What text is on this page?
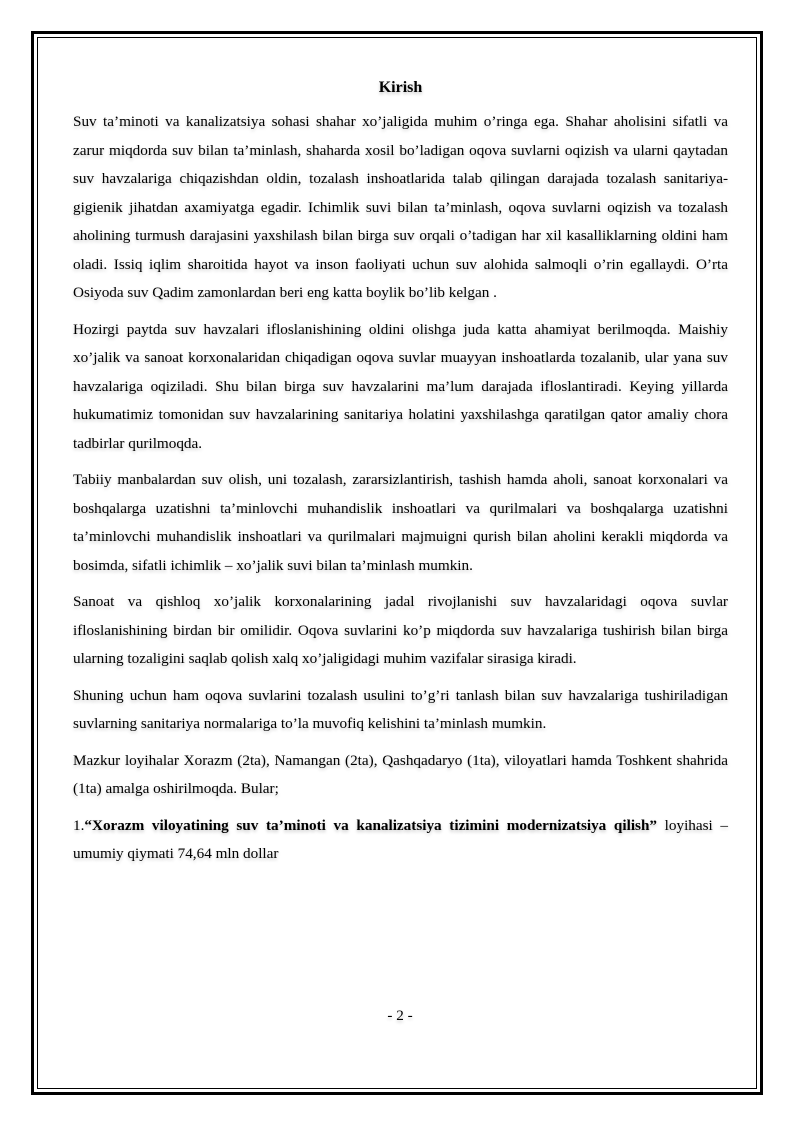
Kirish

Suv ta’minoti va kanalizatsiya sohasi shahar xo’jaligida muhim o’ringa ega. Shahar aholisini sifatli va zarur miqdorda suv bilan ta’minlash, shaharda xosil bo’ladigan oqova suvlarni oqizish va ularni qaytadan suv havzalariga chiqazishdan oldin, tozalash inshoatlarida talab qilingan darajada tozalash sanitariya-gigienik jihatdan axamiyatga egadir. Ichimlik suvi bilan ta’minlash, oqova suvlarni oqizish va tozalash aholining turmush darajasini yaxshilash bilan birga suv orqali o’tadigan har xil kasalliklarning oldini ham oladi. Issiq iqlim sharoitida hayot va inson faoliyati uchun suv alohida salmoqli o’rin egallaydi. O’rta Osiyoda suv Qadim zamonlardan beri eng katta boylik bo’lib kelgan .

Hozirgi paytda suv havzalari ifloslanishining oldini olishga juda katta ahamiyat berilmoqda. Maishiy xo’jalik va sanoat korxonalaridan chiqadigan oqova suvlar muayyan inshoatlarda tozalanib, ular yana suv havzalariga oqiziladi. Shu bilan birga suv havzalarini ma’lum darajada ifloslantiradi. Keying yillarda hukumatimiz tomonidan suv havzalarining sanitariya holatini yaxshilashga qaratilgan qator amaliy chora tadbirlar qurilmoqda.

Tabiiy manbalardan suv olish, uni tozalash, zararsizlantirish, tashish hamda aholi, sanoat korxonalari va boshqalarga uzatishni ta’minlovchi muhandislik inshoatlari va qurilmalari va boshqalarga uzatishni ta’minlovchi muhandislik inshoatlari va qurilmalari majmuigni qurish bilan aholini kerakli miqdorda va bosimda, sifatli ichimlik – xo’jalik suvi bilan ta’minlash mumkin.

Sanoat va qishloq xo’jalik korxonalarining jadal rivojlanishi suv havzalaridagi oqova suvlar ifloslanishining birdan bir omilidir. Oqova suvlarini ko’p miqdorda suv havzalariga tushirish bilan birga ularning tozaligini saqlab qolish xalq xo’jaligidagi muhim vazifalar sirasiga kiradi.

Shuning uchun ham oqova suvlarini tozalash usulini to’g’ri tanlash bilan suv havzalariga tushiriladigan suvlarning sanitariya normalariga to’la muvofiq kelishini ta’minlash mumkin.

Mazkur loyihalar Xorazm (2ta), Namangan (2ta), Qashqadaryo (1ta), viloyatlari hamda Toshkent shahrida (1ta) amalga oshirilmoqda. Bular;

1.“Xorazm viloyatining suv ta’minoti va kanalizatsiya tizimini modernizatsiya qilish” loyihasi – umumiy qiymati 74,64 mln dollar

- 2 -
